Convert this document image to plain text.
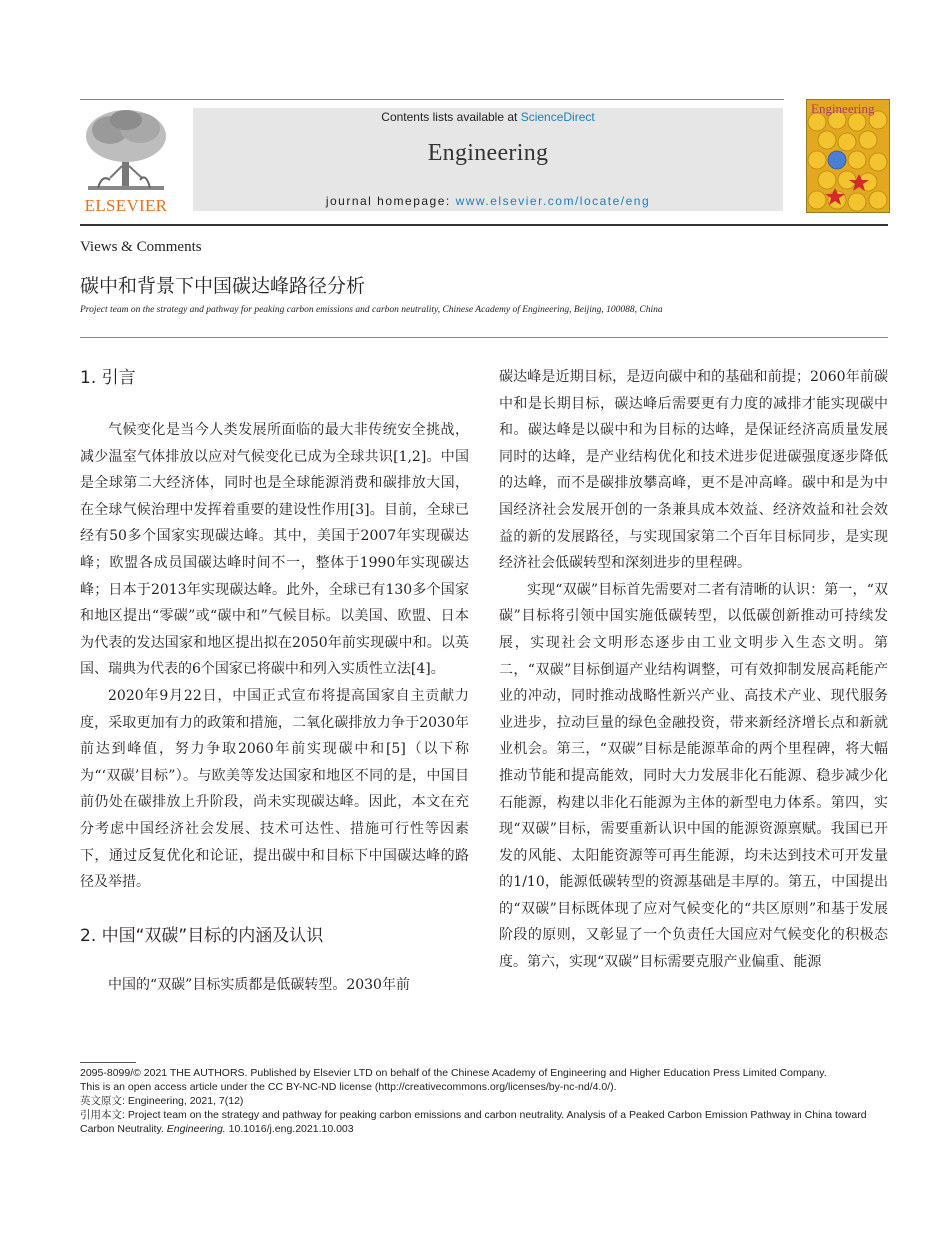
ELSEVIER
Contents lists available at ScienceDirect
Engineering
journal homepage: www.elsevier.com/locate/eng
Engineering
Views & Comments
碳中和背景下中国碳达峰路径分析
Project team on the strategy and pathway for peaking carbon emissions and carbon neutrality, Chinese Academy of Engineering, Beijing, 100088, China
1. 引言

气候变化是当今人类发展所面临的最大非传统安全挑战，减少温室气体排放以应对气候变化已成为全球共识[1,2]。中国是全球第二大经济体，同时也是全球能源消费和碳排放大国，在全球气候治理中发挥着重要的建设性作用[3]。目前，全球已经有50多个国家实现碳达峰。其中，美国于2007年实现碳达峰；欧盟各成员国碳达峰时间不一，整体于1990年实现碳达峰；日本于2013年实现碳达峰。此外，全球已有130多个国家和地区提出“零碳”或“碳中和”气候目标。以美国、欧盟、日本为代表的发达国家和地区提出拟在2050年前实现碳中和。以英国、瑞典为代表的6个国家已将碳中和列入实质性立法[4]。

2020年9月22日，中国正式宣布将提高国家自主贡献力度，采取更加有力的政策和措施，二氧化碳排放力争于2030年前达到峰值，努力争取2060年前实现碳中和[5]（以下称为“‘双碳’目标”）。与欧美等发达国家和地区不同的是，中国目前仍处在碳排放上升阶段，尚未实现碳达峰。因此，本文在充分考虑中国经济社会发展、技术可达性、措施可行性等因素下，通过反复优化和论证，提出碳中和目标下中国碳达峰的路径及举措。

2. 中国“双碳”目标的内涵及认识

中国的“双碳”目标实质都是低碳转型。2030年前

碳达峰是近期目标，是迈向碳中和的基础和前提；2060年前碳中和是长期目标，碳达峰后需要更有力度的减排才能实现碳中和。碳达峰是以碳中和为目标的达峰，是保证经济高质量发展同时的达峰，是产业结构优化和技术进步促进碳强度逐步降低的达峰，而不是碳排放攀高峰，更不是冲高峰。碳中和是为中国经济社会发展开创的一条兼具成本效益、经济效益和社会效益的新的发展路径，与实现国家第二个百年目标同步，是实现经济社会低碳转型和深刻进步的里程碑。

实现“双碳”目标首先需要对二者有清晰的认识：第一，“双碳”目标将引领中国实施低碳转型，以低碳创新推动可持续发展，实现社会文明形态逐步由工业文明步入生态文明。第二，“双碳”目标倒逼产业结构调整，可有效抑制发展高耗能产业的冲动，同时推动战略性新兴产业、高技术产业、现代服务业进步，拉动巨量的绿色金融投资，带来新经济增长点和新就业机会。第三，“双碳”目标是能源革命的两个里程碑，将大幅推动节能和提高能效，同时大力发展非化石能源、稳步减少化石能源，构建以非化石能源为主体的新型电力体系。第四，实现“双碳”目标，需要重新认识中国的能源资源禀赋。我国已开发的风能、太阳能资源等可再生能源，均未达到技术可开发量的1/10，能源低碳转型的资源基础是丰厚的。第五，中国提出的“双碳”目标既体现了应对气候变化的“共区原则”和基于发展阶段的原则，又彰显了一个负责任大国应对气候变化的积极态度。第六，实现“双碳”目标需要克服产业偏重、能源

2095-8099/© 2021 THE AUTHORS. Published by Elsevier LTD on behalf of the Chinese Academy of Engineering and Higher Education Press Limited Company.

This is an open access article under the CC BY-NC-ND license (http://creativecommons.org/licenses/by-nc-nd/4.0/).

英文原文: Engineering, 2021, 7(12)

引用本文: Project team on the strategy and pathway for peaking carbon emissions and carbon neutrality. Analysis of a Peaked Carbon Emission Pathway in China toward Carbon Neutrality. Engineering. 10.1016/j.eng.2021.10.003
